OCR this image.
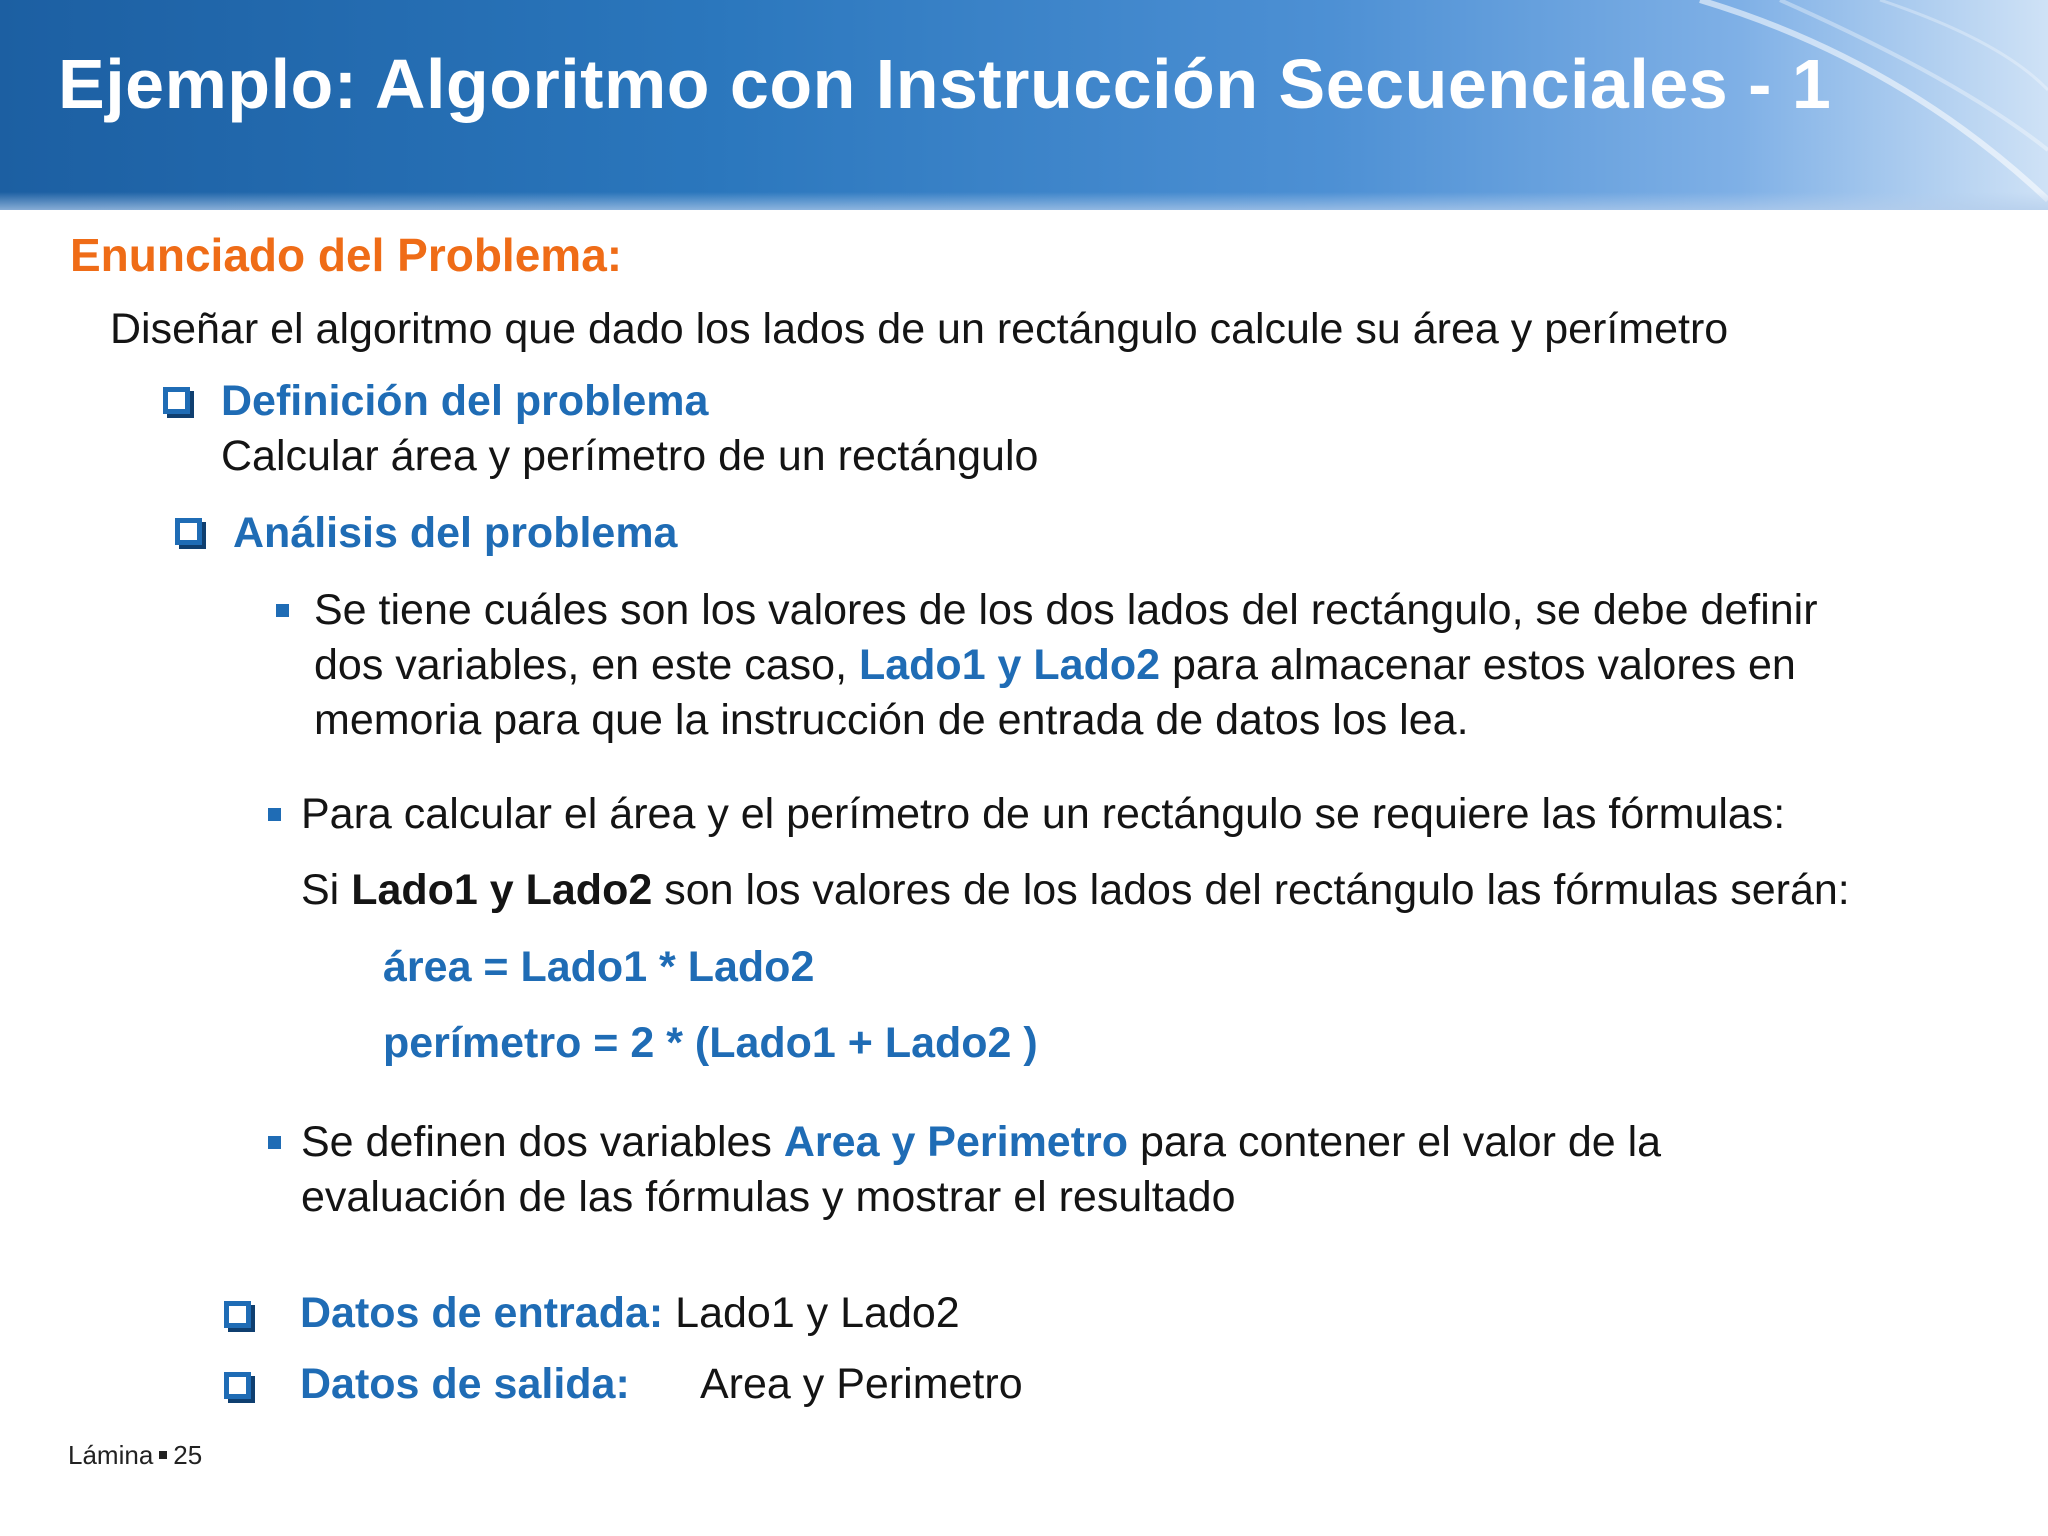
Ejemplo: Algoritmo con Instrucción Secuenciales - 1

Enunciado del Problema:

Diseñar el algoritmo que dado los lados de un rectángulo calcule su área y perímetro

Definición del problema

Calcular área y perímetro de un rectángulo

Análisis del problema

Se tiene cuáles son los valores de los dos lados del rectángulo, se debe definir

dos variables, en este caso, Lado1 y Lado2 para almacenar estos valores en

memoria para que la instrucción de entrada de datos los lea.

Para calcular el área y el perímetro de un rectángulo se requiere las fórmulas:

Si Lado1 y Lado2 son los valores de los lados del rectángulo las fórmulas serán:

área = Lado1 * Lado2

perímetro = 2 * (Lado1 + Lado2 )

Se definen dos variables Area y Perimetro para contener el valor de la

evaluación de las fórmulas y mostrar el resultado

Datos de entrada: Lado1 y Lado2

Datos de salida: Area y Perimetro

Lámina 25
